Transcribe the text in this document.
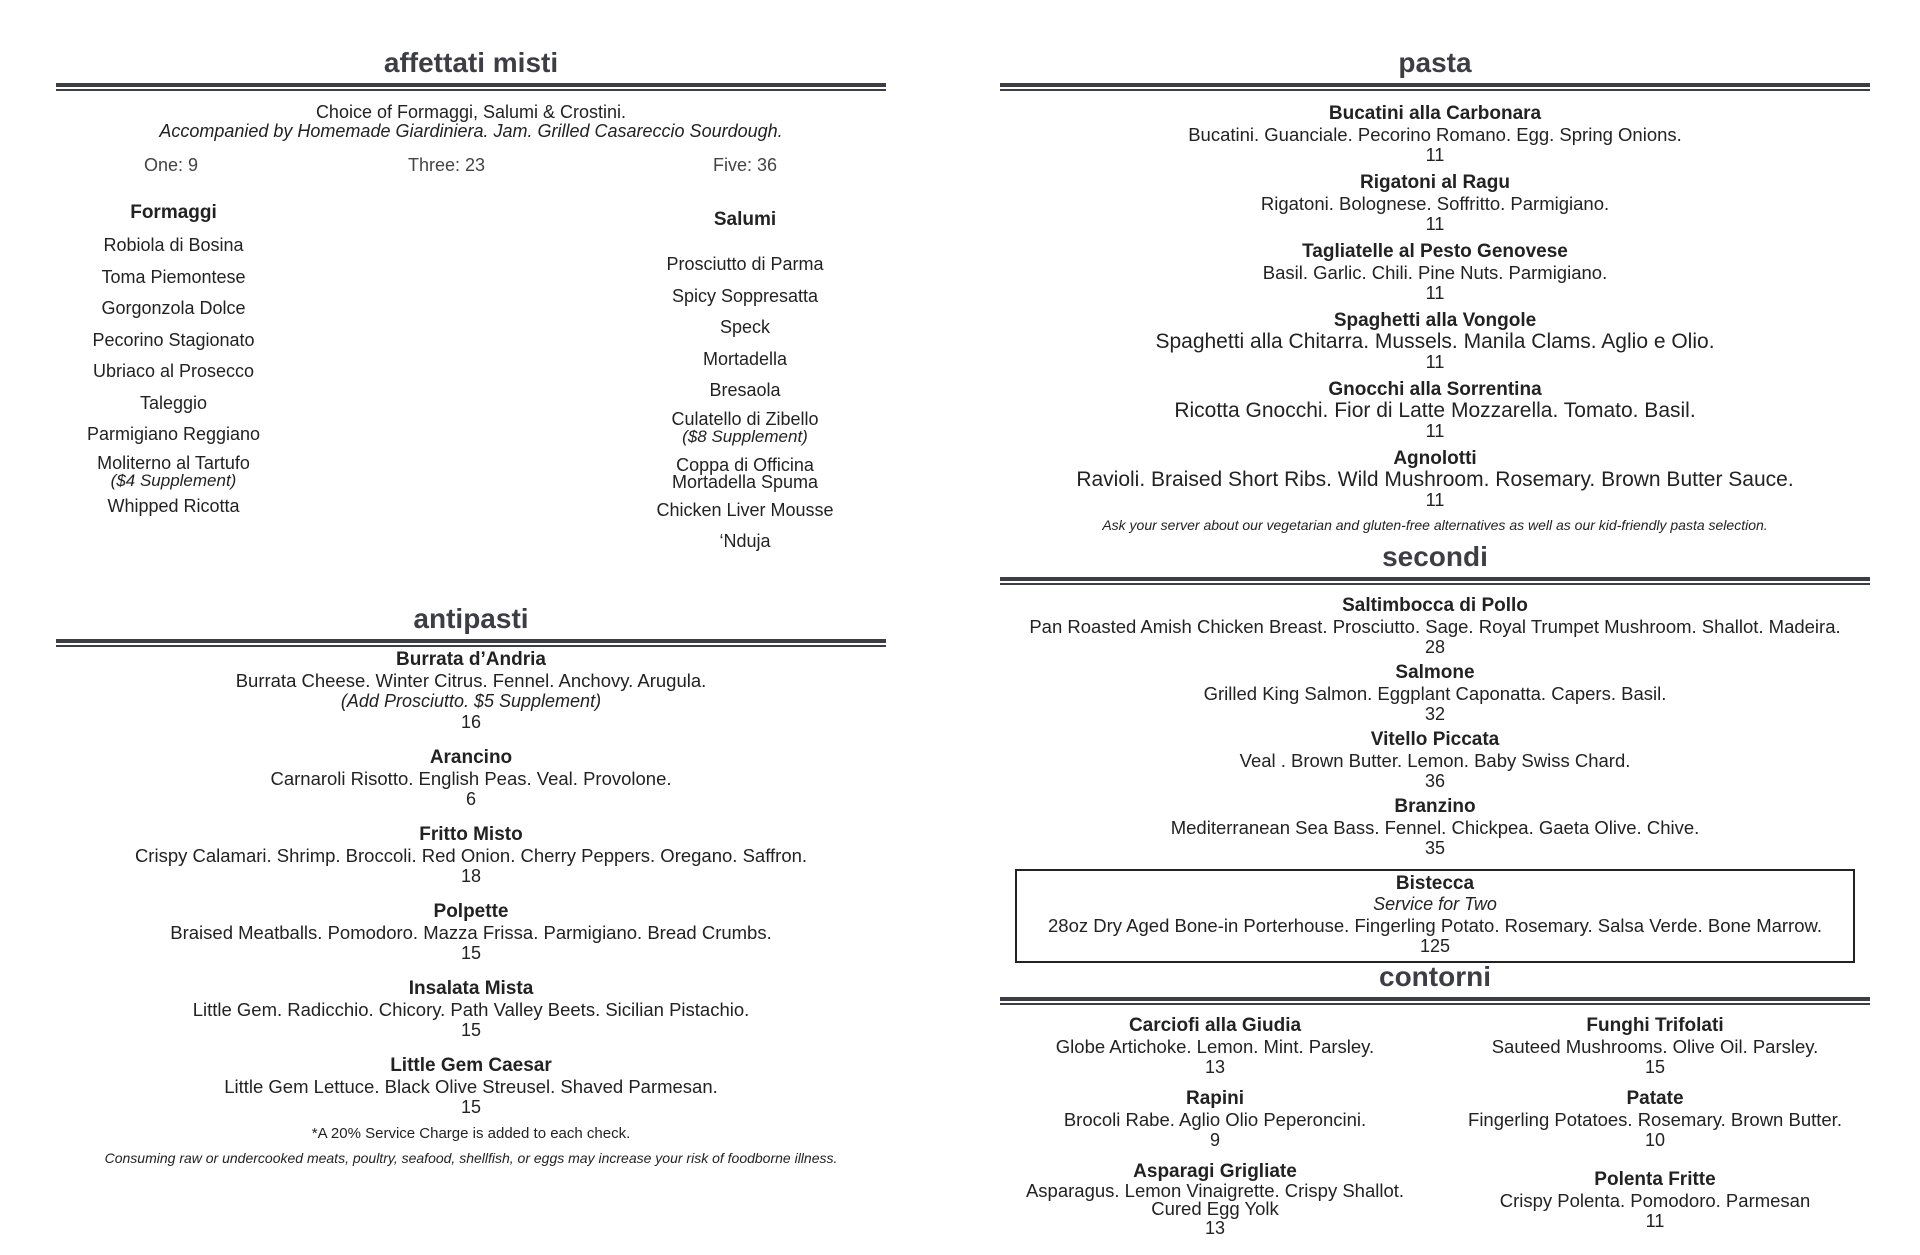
affettati misti
Choice of Formaggi, Salumi & Crostini.
Accompanied by Homemade Giardiniera. Jam. Grilled Casareccio Sourdough.
One: 9	Three: 23	Five: 36
Formaggi
Robiola di Bosina
Toma Piemontese
Gorgonzola Dolce
Pecorino Stagionato
Ubriaco al Prosecco
Taleggio
Parmigiano Reggiano
Moliterno al Tartufo
($4 Supplement)
Whipped Ricotta
Salumi
Prosciutto di Parma
Spicy Soppresatta
Speck
Mortadella
Bresaola
Culatello di Zibello
($8 Supplement)
Coppa di Officina
Mortadella Spuma
Chicken Liver Mousse
‘Nduja
antipasti
Burrata d’Andria
Burrata Cheese. Winter Citrus. Fennel. Anchovy. Arugula.
(Add Prosciutto. $5 Supplement)
16
Arancino
Carnaroli Risotto. English Peas. Veal. Provolone.
6
Fritto Misto
Crispy Calamari. Shrimp. Broccoli. Red Onion. Cherry Peppers. Oregano. Saffron.
18
Polpette
Braised Meatballs. Pomodoro. Mazza Frissa. Parmigiano. Bread Crumbs.
15
Insalata Mista
Little Gem. Radicchio. Chicory. Path Valley Beets. Sicilian Pistachio.
15
Little Gem Caesar
Little Gem Lettuce. Black Olive Streusel. Shaved Parmesan.
15
*A 20% Service Charge is added to each check.
Consuming raw or undercooked meats, poultry, seafood, shellfish, or eggs may increase your risk of foodborne illness.
pasta
Bucatini alla Carbonara
Bucatini. Guanciale. Pecorino Romano. Egg. Spring Onions.
11
Rigatoni al Ragu
Rigatoni. Bolognese. Soffritto. Parmigiano.
11
Tagliatelle al Pesto Genovese
Basil. Garlic. Chili. Pine Nuts. Parmigiano.
11
Spaghetti alla Vongole
Spaghetti alla Chitarra. Mussels. Manila Clams. Aglio e Olio.
11
Gnocchi alla Sorrentina
Ricotta Gnocchi. Fior di Latte Mozzarella. Tomato. Basil.
11
Agnolotti
Ravioli. Braised Short Ribs. Wild Mushroom. Rosemary. Brown Butter Sauce.
11
Ask your server about our vegetarian and gluten-free alternatives as well as our kid-friendly pasta selection.
secondi
Saltimbocca di Pollo
Pan Roasted Amish Chicken Breast. Prosciutto. Sage. Royal Trumpet Mushroom. Shallot. Madeira.
28
Salmone
Grilled King Salmon. Eggplant Caponatta. Capers. Basil.
32
Vitello Piccata
Veal . Brown Butter. Lemon. Baby Swiss Chard.
36
Branzino
Mediterranean Sea Bass. Fennel. Chickpea. Gaeta Olive. Chive.
35
Bistecca
Service for Two
28oz Dry Aged Bone-in Porterhouse. Fingerling Potato. Rosemary. Salsa Verde. Bone Marrow.
125
contorni
Carciofi alla Giudia
Globe Artichoke. Lemon. Mint. Parsley.
13
Rapini
Brocoli Rabe. Aglio Olio Peperoncini.
9
Asparagi Grigliate
Asparagus. Lemon Vinaigrette. Crispy Shallot. Cured Egg Yolk
13
Funghi Trifolati
Sauteed Mushrooms. Olive Oil. Parsley.
15
Patate
Fingerling Potatoes. Rosemary. Brown Butter.
10
Polenta Fritte
Crispy Polenta. Pomodoro. Parmesan
11
